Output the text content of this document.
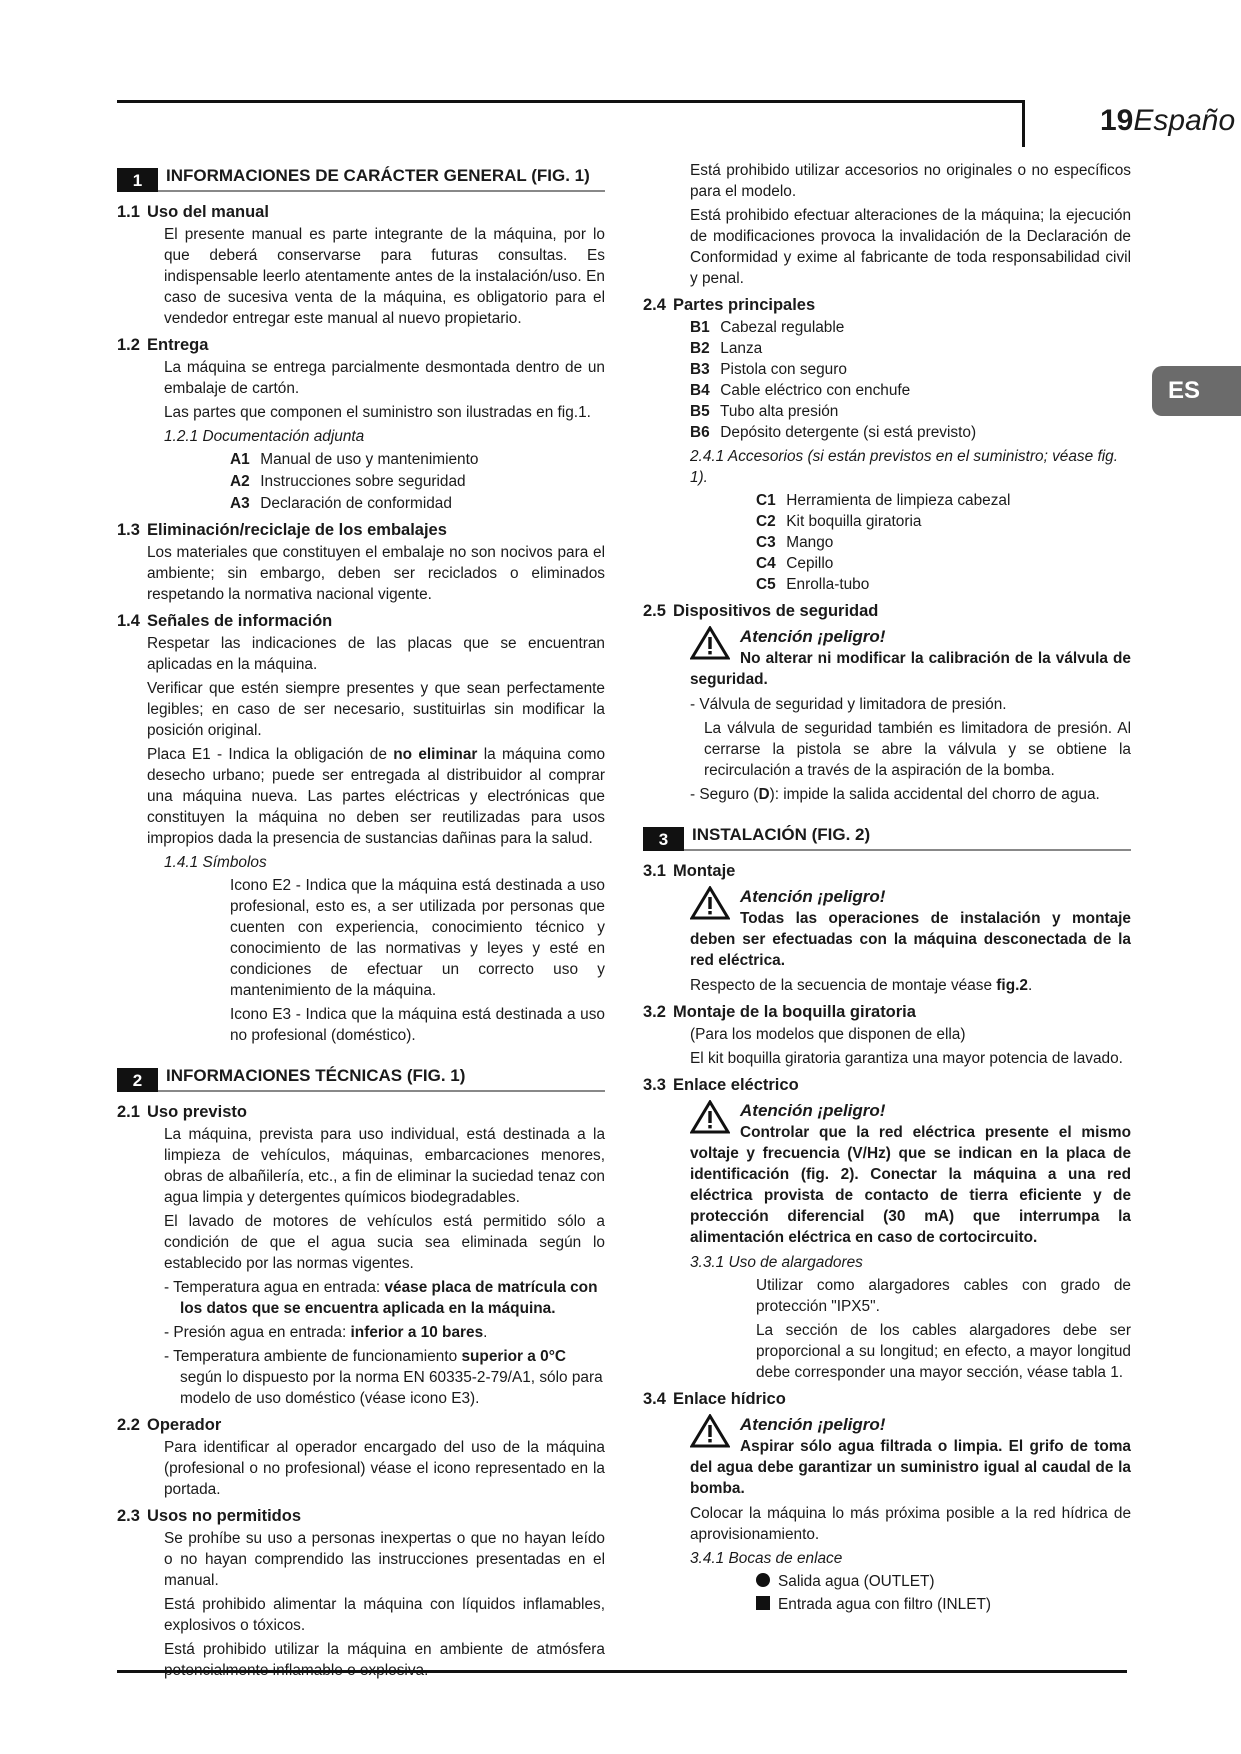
19Españo
ES
1	INFORMACIONES DE CARÁCTER GENERAL (FIG. 1)
1.1 Uso del manual
El presente manual es parte integrante de la máquina, por lo que deberá conservarse para futuras consultas. Es indispensable leerlo atentamente antes de la instalación/uso. En caso de sucesiva venta de la máquina, es obligatorio para el vendedor entregar este manual al nuevo propietario.
1.2 Entrega
La máquina se entrega parcialmente desmontada dentro de un embalaje de cartón.
Las partes que componen el suministro son ilustradas en fig.1.
1.2.1 Documentación adjunta
A1 Manual de uso y mantenimiento
A2 Instrucciones sobre seguridad
A3 Declaración de conformidad
1.3 Eliminación/reciclaje de los embalajes
Los materiales que constituyen el embalaje no son nocivos para el ambiente; sin embargo, deben ser reciclados o eliminados respetando la normativa nacional vigente.
1.4 Señales de información
Respetar las indicaciones de las placas que se encuentran aplicadas en la máquina.
Verificar que estén siempre presentes y que sean perfectamente legibles; en caso de ser necesario, sustituirlas sin modificar la posición original.
Placa E1 - Indica la obligación de no eliminar la máquina como desecho urbano; puede ser entregada al distribuidor al comprar una máquina nueva. Las partes eléctricas y electrónicas que constituyen la máquina no deben ser reutilizadas para usos impropios dada la presencia de sustancias dañinas para la salud.
1.4.1 Símbolos
Icono E2 - Indica que la máquina está destinada a uso profesional, esto es, a ser utilizada por personas que cuenten con experiencia, conocimiento técnico y conocimiento de las normativas y leyes y esté en condiciones de efectuar un correcto uso y mantenimiento de la máquina.
Icono E3 - Indica que la máquina está destinada a uso no profesional (doméstico).
2	INFORMACIONES TÉCNICAS (FIG. 1)
2.1 Uso previsto
La máquina, prevista para uso individual, está destinada a la limpieza de vehículos, máquinas, embarcaciones menores, obras de albañilería, etc., a fin de eliminar la suciedad tenaz con agua limpia y detergentes químicos biodegradables.
El lavado de motores de vehículos está permitido sólo a condición de que el agua sucia sea eliminada según lo establecido por las normas vigentes.
- Temperatura agua en entrada: véase placa de matrícula con los datos que se encuentra aplicada en la máquina.
- Presión agua en entrada: inferior a 10 bares.
- Temperatura ambiente de funcionamiento superior a 0°C según lo dispuesto por la norma EN 60335-2-79/A1, sólo para modelo de uso doméstico (véase icono E3).
2.2 Operador
Para identificar al operador encargado del uso de la máquina (profesional o no profesional) véase el icono representado en la portada.
2.3 Usos no permitidos
Se prohíbe su uso a personas inexpertas o que no hayan leído o no hayan comprendido las instrucciones presentadas en el manual.
Está prohibido alimentar la máquina con líquidos inflamables, explosivos o tóxicos.
Está prohibido utilizar la máquina en ambiente de atmósfera potencialmente inflamable o explosiva.
Está prohibido utilizar accesorios no originales o no específicos para el modelo.
Está prohibido efectuar alteraciones de la máquina; la ejecución de modificaciones provoca la invalidación de la Declaración de Conformidad y exime al fabricante de toda responsabilidad civil y penal.
2.4 Partes principales
B1 Cabezal regulable
B2 Lanza
B3 Pistola con seguro
B4 Cable eléctrico con enchufe
B5 Tubo alta presión
B6 Depósito detergente (si está previsto)
2.4.1 Accesorios (si están previstos en el suministro; véase fig. 1).
C1 Herramienta de limpieza cabezal
C2 Kit boquilla giratoria
C3 Mango
C4 Cepillo
C5 Enrolla-tubo
2.5 Dispositivos de seguridad
Atención ¡peligro!
No alterar ni modificar la calibración de la válvula de seguridad.
- Válvula de seguridad y limitadora de presión.
La válvula de seguridad también es limitadora de presión. Al cerrarse la pistola se abre la válvula y se obtiene la recirculación a través de la aspiración de la bomba.
- Seguro (D): impide la salida accidental del chorro de agua.
3	INSTALACIÓN (FIG. 2)
3.1 Montaje
Atención ¡peligro!
Todas las operaciones de instalación y montaje deben ser efectuadas con la máquina desconectada de la red eléctrica.
Respecto de la secuencia de montaje véase fig.2.
3.2 Montaje de la boquilla giratoria
(Para los modelos que disponen de ella)
El kit boquilla giratoria garantiza una mayor potencia de lavado.
3.3 Enlace eléctrico
Atención ¡peligro!
Controlar que la red eléctrica presente el mismo voltaje y frecuencia (V/Hz) que se indican en la placa de identificación (fig. 2). Conectar la máquina a una red eléctrica provista de contacto de tierra eficiente y de protección diferencial (30 mA) que interrumpa la alimentación eléctrica en caso de cortocircuito.
3.3.1 Uso de alargadores
Utilizar como alargadores cables con grado de protección "IPX5".
La sección de los cables alargadores debe ser proporcional a su longitud; en efecto, a mayor longitud debe corresponder una mayor sección, véase tabla 1.
3.4 Enlace hídrico
Atención ¡peligro!
Aspirar sólo agua filtrada o limpia. El grifo de toma del agua debe garantizar un suministro igual al caudal de la bomba.
Colocar la máquina lo más próxima posible a la red hídrica de aprovisionamiento.
3.4.1 Bocas de enlace
Salida agua (OUTLET)
Entrada agua con filtro (INLET)
